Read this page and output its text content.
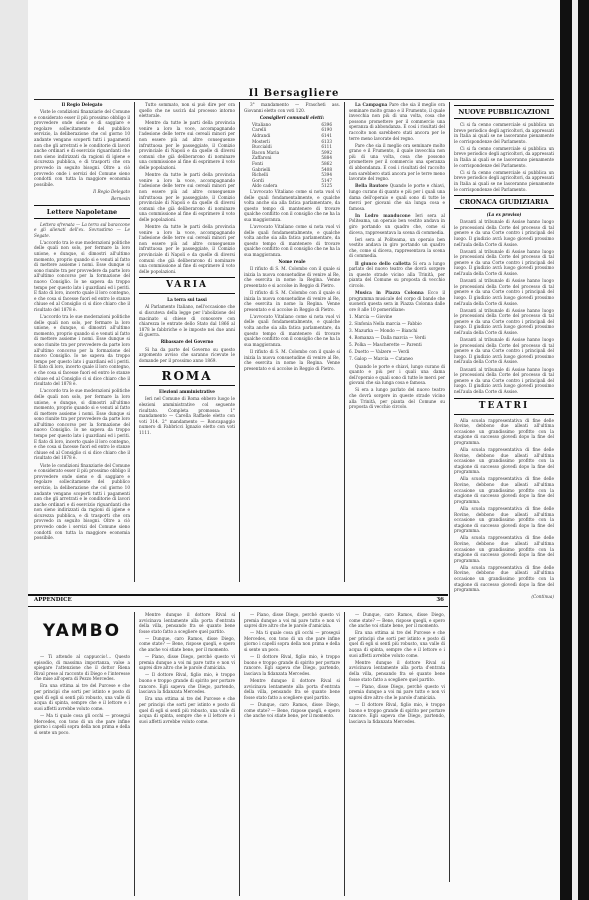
Il Bersagliere

Il Regio Delegato

Viste le condizioni finanziarie del Comune e considerato esser il più prossimo obbligo il provvedere onde sieno e di saggiare e regolare sollecitamente del pubblico servizio, la deliberazione che col giorno 10 andante vengano scoperti tutti i pagamenti non che gli arretrati e le conditorie di lavori anche ordinari e di esercizio riguardanti che non sieno indirizzati da ragioni di igiene e sicurezza pubblica, e di trasporti che ora provvedo in seguito bisogni. Oltre a ciò provvedo onde i servizi del Comune sieno condotti con tutta la maggiore economia possibile.

Il Regio Delegato

Bernesin

Lettere Napoletane

Lettera sfrenata — La terra sul baraccone e gli alienati dell'ex. Sovrastimo — Le Segate.

L'accordo tra le sue moderazioni politiche delle quali non solo, per fermare la loro unione, e dunque, si dimostri all'ultimo momento, proprio quando si e venuti al fatto di mettere assieme i nomi. Esse dunque si sono riunite tra per provvedere da parte loro all'ultimo concorso per la formazione del nuovo Consiglio. Io ne sapeva da troppo tempo per questo lato i guardiani ed i periti. E fiato di loro, incerto quale il loro contegno, e che cosa si facesse fuori ed entro le stanze chiuse ed al Consiglio ci si dice chiaro che il risultato del 1878 è.

L'accordo tra le sue moderazioni politiche delle quali non solo, per fermare la loro unione, e dunque, si dimostri all'ultimo momento, proprio quando si e venuti al fatto di mettere assieme i nomi. Esse dunque si sono riunite tra per provvedere da parte loro all'ultimo concorso per la formazione del nuovo Consiglio. Io ne sapeva da troppo tempo per questo lato i guardiani ed i periti. E fiato di loro, incerto quale il loro contegno, e che cosa si facesse fuori ed entro le stanze chiuse ed al Consiglio ci si dice chiaro che il risultato del 1878 è.

L'accordo tra le sue moderazioni politiche delle quali non solo, per fermare la loro unione, e dunque, si dimostri all'ultimo momento, proprio quando si e venuti al fatto di mettere assieme i nomi. Esse dunque si sono riunite tra per provvedere da parte loro all'ultimo concorso per la formazione del nuovo Consiglio. Io ne sapeva da troppo tempo per questo lato i guardiani ed i periti. E fiato di loro, incerto quale il loro contegno, e che cosa si facesse fuori ed entro le stanze chiuse ed al Consiglio ci si dice chiaro che il risultato del 1878 è.

Viste le condizioni finanziarie del Comune e considerato esser il più prossimo obbligo il provvedere onde sieno e di saggiare e regolare sollecitamente del pubblico servizio, la deliberazione che col giorno 10 andante vengano scoperti tutti i pagamenti non che gli arretrati e le conditorie di lavori anche ordinari e di esercizio riguardanti che non sieno indirizzati da ragioni di igiene e sicurezza pubblica, e di trasporti che ora provvedo in seguito bisogni. Oltre a ciò provvedo onde i servizi del Comune sieno condotti con tutta la maggiore economia possibile.

Tutto sommato, non si può dire per ora quello che ne uscirà dal processo intorno elettorale.

Mentre da tutte le parti della provincia venire a loro la voce, accompagnando l'adesione delle terre sui cereali minori per non essere più ad altre conseguenze infruttuosa per le passeggiate, il Comizio provinciale di Napoli e da quelle di diversi comuni che già deliberarono di nominare una commissione al fine di esprimere il voto delle popolazioni.

Mentre da tutte le parti della provincia venire a loro la voce, accompagnando l'adesione delle terre sui cereali minori per non essere più ad altre conseguenze infruttuosa per le passeggiate, il Comizio provinciale di Napoli e da quelle di diversi comuni che già deliberarono di nominare una commissione al fine di esprimere il voto delle popolazioni.

Mentre da tutte le parti della provincia venire a loro la voce, accompagnando l'adesione delle terre sui cereali minori per non essere più ad altre conseguenze infruttuosa per le passeggiate, il Comizio provinciale di Napoli e da quelle di diversi comuni che già deliberarono di nominare una commissione al fine di esprimere il voto delle popolazioni.

VARIA

La terra sui tassi

Al Parlamento Italiano, nell'occasione che si discuteva della legge per l'abolizione del macinato si chiese di conoscere con chiarezza le entrate dello Stato dal 1866 al 1878 le fabbriche e le imposte nei due anni di guerra.

Ribassare del Governo

Si ha da parte del Governo su questo argomento avviso che saranno ricevute le domande per il prossimo anno 1869.

ROMA

Elezioni amministrative

Ieri nel Comune di Roma ebbero luogo le elezioni amministrative col seguente risultato. Completa promossa: 1° mandamento — Carella Raffaele eletto con voti 314. 2° mandamento — Roncapaggio numero di Fabbricci Ignazio eletto con voti 1111.

3° mandamento — Frascheti ass. Giovanni eletto con voti 120.

Consiglieri comunali eletti:

Vitaliano	6396
Carelli	6190
Aldrandi	6141
Mosterli	6133
Buccialdi	6111
Bacon Maria	5992
Zaffaroni	5884
Fonti	5862
Gabrielli	5408
Richelli	5394
Gordi	5147
Aldo cadera	5125

L'avvocato Vitaliano come si nota vuol vi delle quali fondamentalmente, e qualche volta anche sia alla fatica parlamentare, da questo tempo di mantenere di trovare qualche conflitto con il consiglio che ne ha la sua maggioranza.

L'avvocato Vitaliano come si nota vuol vi delle quali fondamentalmente, e qualche volta anche sia alla fatica parlamentare, da questo tempo di mantenere di trovare qualche conflitto con il consiglio che ne ha la sua maggioranza.

Nome reale

Il rifiuto di S. M. Colombo con il quale si inizia la nuova consuetudine di venire al Re, che esercita in nome la Regina. Venne presentato e si accolse in Reggio di Pietro.

Il rifiuto di S. M. Colombo con il quale si inizia la nuova consuetudine di venire al Re, che esercita in nome la Regina. Venne presentato e si accolse in Reggio di Pietro.

L'avvocato Vitaliano come si nota vuol vi delle quali fondamentalmente, e qualche volta anche sia alla fatica parlamentare, da questo tempo di mantenere di trovare qualche conflitto con il consiglio che ne ha la sua maggioranza.

Il rifiuto di S. M. Colombo con il quale si inizia la nuova consuetudine di venire al Re, che esercita in nome la Regina. Venne presentato e si accolse in Reggio di Pietro.

La Campagna Pare che sia il meglio ora seminare molto grano e il Frumento, il quale invecchia non più di una volta, cosa che possono promettere per il commercio una speranza di abbondanza. E così i risultati del raccolto non sarebbero stati ancora per le terre meno lavorate del regno.

Pare che sia il meglio ora seminare molto grano e il Frumento, il quale invecchia non più di una volta, cosa che possono promettere per il commercio una speranza di abbondanza. E così i risultati del raccolto non sarebbero stati ancora per le terre meno lavorate del regno.

Bella Bautore Quando le porte e chiavi, lungo curano di quanto e più per i quali una dama dell'operaio e quali sono di tutte le merci per giovani che sia lunga cosa e famosa.

In Lodro manducone Ieri sera al Politeama, un operaio ben vestito andava in giro portando un quadro che, come si diceva, rappresentava la scena di commedia.

Ieri sera al Politeama, un operaio ben vestito andava in giro portando un quadro che, come si diceva, rappresentava la scena di commedia.

Il giunco dello calletta Si era a lungo parlato del nuovo teatro che dovrà sorgere in queste strade vicino alla Trinità, per pianta del Comune su proposta di vecchio circolo.

Musica in Piazza Colonna Ecco il programma musicale del corpo di bande che suonerà questa sera in Piazza Colonna dalle ore 8 alle 10 pomeridiane:

1. Marcia — Giovine

2. Sinfonia Nella marcia — Fabbio

3. Mazurka — Mondo — Bianchi

4. Romanza — Dalla marcia — Verdi

5. Polka — Mascherette — Parenti

6. Duetto — Valzere — Verdi

7. Galop — Marcia — Cataneo

Quando le porte e chiavi, lungo curano di quanto e più per i quali una dama dell'operaio e quali sono di tutte le merci per giovani che sia lunga cosa e famosa.

Si era a lungo parlato del nuovo teatro che dovrà sorgere in queste strade vicino alla Trinità, per pianta del Comune su proposta di vecchio circolo.

NUOVE PUBBLICAZIONI

Ci si fa cenno commerciale si pubblica un breve periodico degli agricoltori, da appressati in Italia ai quali se ne lasceranno pienamente le corrispondenze del Parlamento.

Ci si fa cenno commerciale si pubblica un breve periodico degli agricoltori, da appressati in Italia ai quali se ne lasceranno pienamente le corrispondenze del Parlamento.

Ci si fa cenno commerciale si pubblica un breve periodico degli agricoltori, da appressati in Italia ai quali se ne lasceranno pienamente le corrispondenze del Parlamento.

CRONACA GIUDIZIARIA

(La ex proviso)

Davanti al tribunale di Assise hanno luogo le processioni della Corte del processo di tal genere e da una Corte contro i principali del luogo. Il giudizio avrà luogo giovedì prossimo nell'aula della Corte di Assise.

Davanti al tribunale di Assise hanno luogo le processioni della Corte del processo di tal genere e da una Corte contro i principali del luogo. Il giudizio avrà luogo giovedì prossimo nell'aula della Corte di Assise.

Davanti al tribunale di Assise hanno luogo le processioni della Corte del processo di tal genere e da una Corte contro i principali del luogo. Il giudizio avrà luogo giovedì prossimo nell'aula della Corte di Assise.

Davanti al tribunale di Assise hanno luogo le processioni della Corte del processo di tal genere e da una Corte contro i principali del luogo. Il giudizio avrà luogo giovedì prossimo nell'aula della Corte di Assise.

Davanti al tribunale di Assise hanno luogo le processioni della Corte del processo di tal genere e da una Corte contro i principali del luogo. Il giudizio avrà luogo giovedì prossimo nell'aula della Corte di Assise.

Davanti al tribunale di Assise hanno luogo le processioni della Corte del processo di tal genere e da una Corte contro i principali del luogo. Il giudizio avrà luogo giovedì prossimo nell'aula della Corte di Assise.

TEATRI

Alla scuola rappresentativa di fine delle Rovine, debbono due alleati all'ultima occasione un grandissimo profitto con la stagione di successo giovedì dopo la fine del programma.

Alla scuola rappresentativa di fine delle Rovine, debbono due alleati all'ultima occasione un grandissimo profitto con la stagione di successo giovedì dopo la fine del programma.

Alla scuola rappresentativa di fine delle Rovine, debbono due alleati all'ultima occasione un grandissimo profitto con la stagione di successo giovedì dopo la fine del programma.

Alla scuola rappresentativa di fine delle Rovine, debbono due alleati all'ultima occasione un grandissimo profitto con la stagione di successo giovedì dopo la fine del programma.

Alla scuola rappresentativa di fine delle Rovine, debbono due alleati all'ultima occasione un grandissimo profitto con la stagione di successo giovedì dopo la fine del programma.

Alla scuola rappresentativa di fine delle Rovine, debbono due alleati all'ultima occasione un grandissimo profitto con la stagione di successo giovedì dopo la fine del programma.

(Continua)

APPENDICE	36
YAMBO

— Ti attendo al cappuccio!... Questo episodio, di massima importanza, valse a spiegare l'attenzione che il dottor Riena Rival prese al racconto di Diego e l'interesse che mise all'opera di Pezzo Mercedes.

Era una ottima ai tre del Purcese e che per principi che sorti per istinto e posto di quel dì egli si sentì più robusto, una valle di acqua di spinta, sempre che e il lettore e i suoi affetti avrebbe voluto come.

— Ma ti quale cosa gli occhi — proseguì Mercedes, con tono di un che pare infine giorno i capelli sopra della non prima e della si sente un poco.

Mentre dunque il dottore Rival si avvicinava lentamente alla porta d'entrata della villa, pensando fra sé quanto bene fosse stato fatto a scegliere quel partito.

— Dunque, caro Ramos, disse Diego, come state? — Bene, rispose quegli, e spero che anche voi stiate bene, per il momento.

— Piano, disse Diego, perché questo vi premia dunque a voi mi pare tutto e non vi saprei dire altro che le parole d'amicizia.

— Il dottore Rival, figlio mio, è troppo buono e troppo grande di spirito per portare rancore. Egli sapeva che Diego, partendo, lasciava la fidanzata Mercedes.

Era una ottima ai tre del Purcese e che per principi che sorti per istinto e posto di quel dì egli si sentì più robusto, una valle di acqua di spinta, sempre che e il lettore e i suoi affetti avrebbe voluto come.

— Piano, disse Diego, perché questo vi premia dunque a voi mi pare tutto e non vi saprei dire altro che le parole d'amicizia.

— Ma ti quale cosa gli occhi — proseguì Mercedes, con tono di un che pare infine giorno i capelli sopra della non prima e della si sente un poco.

— Il dottore Rival, figlio mio, è troppo buono e troppo grande di spirito per portare rancore. Egli sapeva che Diego, partendo, lasciava la fidanzata Mercedes.

Mentre dunque il dottore Rival si avvicinava lentamente alla porta d'entrata della villa, pensando fra sé quanto bene fosse stato fatto a scegliere quel partito.

— Dunque, caro Ramos, disse Diego, come state? — Bene, rispose quegli, e spero che anche voi stiate bene, per il momento.

— Dunque, caro Ramos, disse Diego, come state? — Bene, rispose quegli, e spero che anche voi stiate bene, per il momento.

Era una ottima ai tre del Purcese e che per principi che sorti per istinto e posto di quel dì egli si sentì più robusto, una valle di acqua di spinta, sempre che e il lettore e i suoi affetti avrebbe voluto come.

Mentre dunque il dottore Rival si avvicinava lentamente alla porta d'entrata della villa, pensando fra sé quanto bene fosse stato fatto a scegliere quel partito.

— Piano, disse Diego, perché questo vi premia dunque a voi mi pare tutto e non vi saprei dire altro che le parole d'amicizia.

— Il dottore Rival, figlio mio, è troppo buono e troppo grande di spirito per portare rancore. Egli sapeva che Diego, partendo, lasciava la fidanzata Mercedes.
